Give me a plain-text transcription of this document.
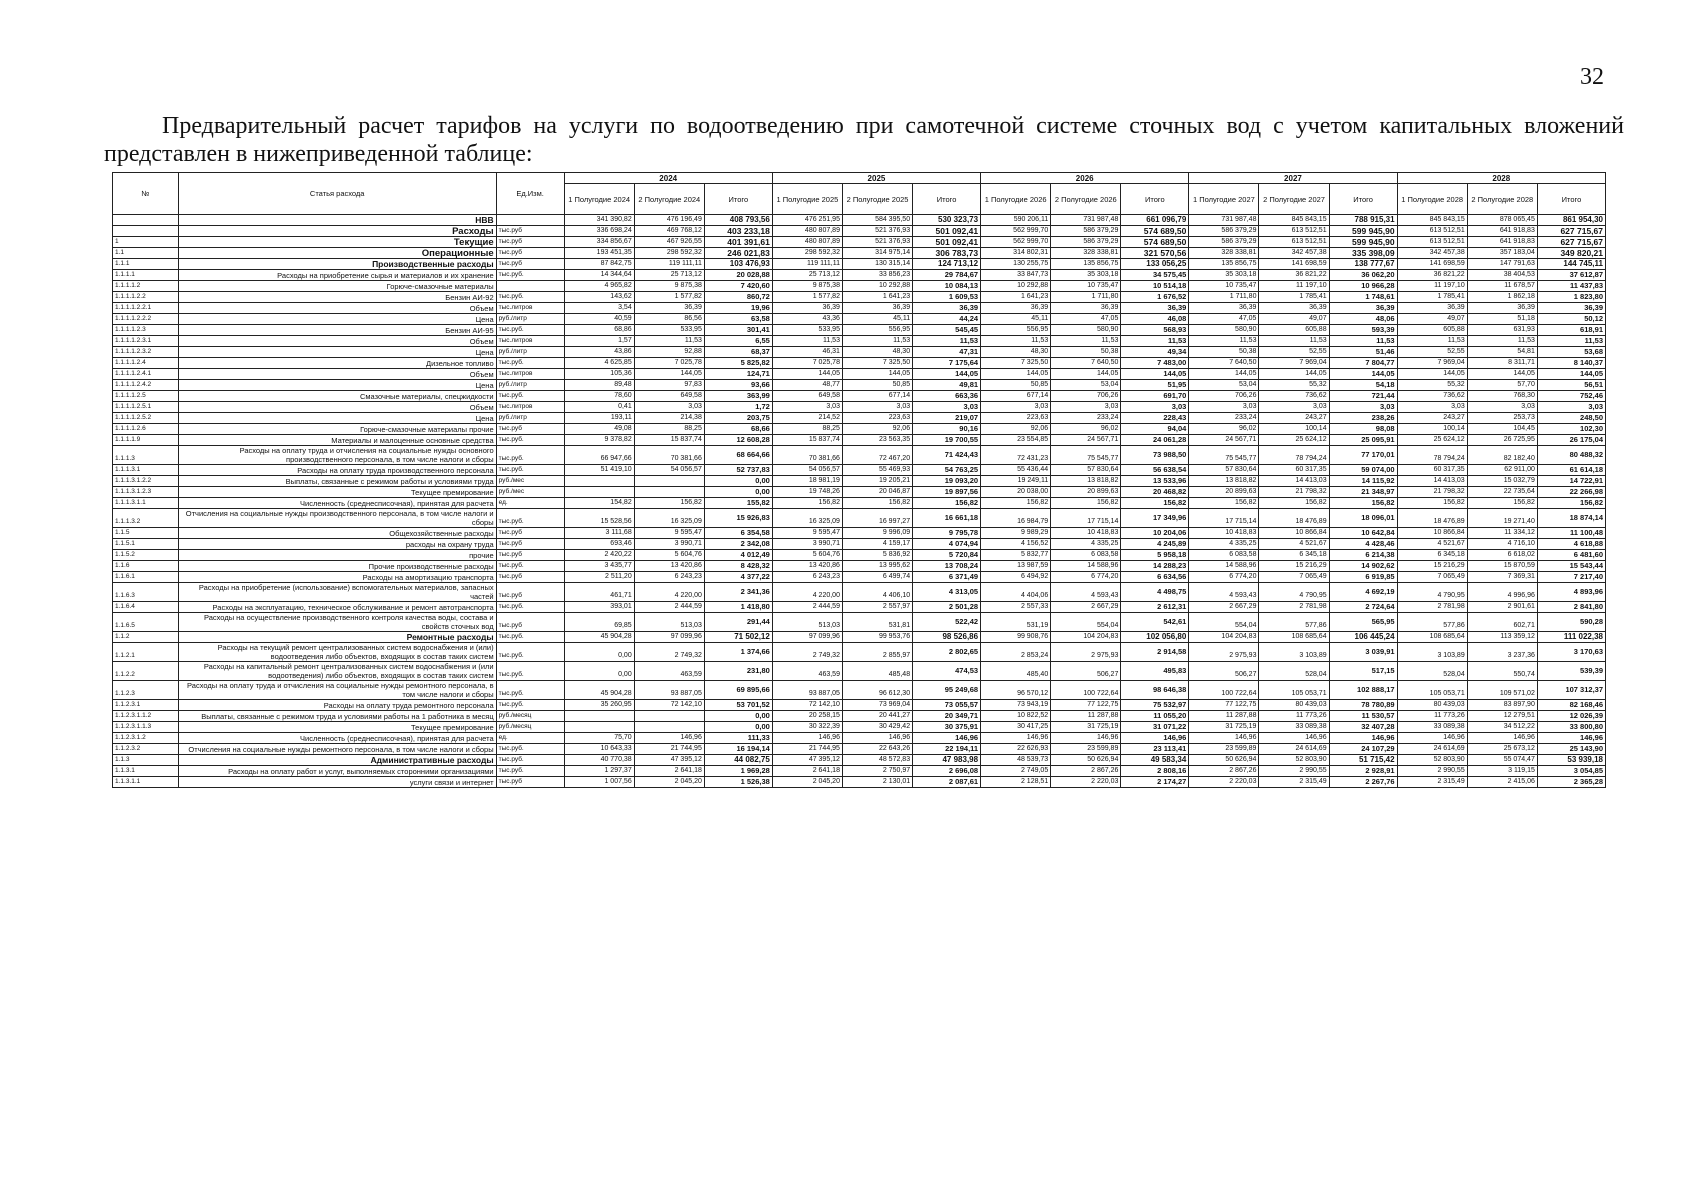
32
Предварительный расчет тарифов на услуги по водоотведению при самотечной системе сточных вод с учетом капитальных вложений представлен в нижеприведенной таблице:
№	Статья расхода	Ед.Изм.	2024			2025			2026			2027			2028		
			1 Полугодие 2024	2 Полугодие 2024	Итого	1 Полугодие 2025	2 Полугодие 2025	Итого	1 Полугодие 2026	2 Полугодие 2026	Итого	1 Полугодие 2027	2 Полугодие 2027	Итого	1 Полугодие 2028	2 Полугодие 2028	Итого
	НВВ		341 390,82	476 196,49	408 793,56	476 251,95	584 395,50	530 323,73	590 206,11	731 987,48	661 096,79	731 987,48	845 843,15	788 915,31	845 843,15	878 065,45	861 954,30
	Расходы	тыс.руб	336 698,24	469 768,12	403 233,18	480 807,89	521 376,93	501 092,41	562 999,70	586 379,29	574 689,50	586 379,29	613 512,51	599 945,90	613 512,51	641 918,83	627 715,67
1	Текущие	тыс.руб	334 856,67	467 926,55	401 391,61	480 807,89	521 376,93	501 092,41	562 999,70	586 379,29	574 689,50	586 379,29	613 512,51	599 945,90	613 512,51	641 918,83	627 715,67
1.1	Операционные	тыс.руб	193 451,35	298 592,32	246 021,83	298 592,32	314 975,14	306 783,73	314 802,31	328 338,81	321 570,56	328 338,81	342 457,38	335 398,09	342 457,38	357 183,04	349 820,21
1.1.1	Производственные расходы	тыс.руб	87 842,75	119 111,11	103 476,93	119 111,11	130 315,14	124 713,12	130 255,75	135 856,75	133 056,25	135 856,75	141 698,59	138 777,67	141 698,59	147 791,63	144 745,11
1.1.1.1	Расходы на приобретение сырья и материалов и их хранение	тыс.руб.	14 344,64	25 713,12	20 028,88	25 713,12	33 856,23	29 784,67	33 847,73	35 303,18	34 575,45	35 303,18	36 821,22	36 062,20	36 821,22	38 404,53	37 612,87
1.1.1.1.2	Горюче-смазочные материалы		4 965,82	9 875,38	7 420,60	9 875,38	10 292,88	10 084,13	10 292,88	10 735,47	10 514,18	10 735,47	11 197,10	10 966,28	11 197,10	11 678,57	11 437,83
1.1.1.1.2.2	Бензин АИ-92	тыс.руб.	143,62	1 577,82	860,72	1 577,82	1 641,23	1 609,53	1 641,23	1 711,80	1 676,52	1 711,80	1 785,41	1 748,61	1 785,41	1 862,18	1 823,80
1.1.1.1.2.2.1	Объем	тыс.литров	3,54	36,39	19,96	36,39	36,39	36,39	36,39	36,39	36,39	36,39	36,39	36,39	36,39	36,39	36,39
1.1.1.1.2.2.2	Цена	руб./литр	40,59	86,56	63,58	43,36	45,11	44,24	45,11	47,05	46,08	47,05	49,07	48,06	49,07	51,18	50,12
1.1.1.1.2.3	Бензин АИ-95	тыс.руб.	68,86	533,95	301,41	533,95	556,95	545,45	556,95	580,90	568,93	580,90	605,88	593,39	605,88	631,93	618,91
1.1.1.1.2.3.1	Объем	тыс.литров	1,57	11,53	6,55	11,53	11,53	11,53	11,53	11,53	11,53	11,53	11,53	11,53	11,53	11,53	11,53
1.1.1.1.2.3.2	Цена	руб./литр	43,86	92,88	68,37	46,31	48,30	47,31	48,30	50,38	49,34	50,38	52,55	51,46	52,55	54,81	53,68
1.1.1.1.2.4	Дизельное топливо	тыс.руб.	4 625,85	7 025,78	5 825,82	7 025,78	7 325,50	7 175,64	7 325,50	7 640,50	7 483,00	7 640,50	7 969,04	7 804,77	7 969,04	8 311,71	8 140,37
1.1.1.1.2.4.1	Объем	тыс.литров	105,36	144,05	124,71	144,05	144,05	144,05	144,05	144,05	144,05	144,05	144,05	144,05	144,05	144,05	144,05
1.1.1.1.2.4.2	Цена	руб./литр	89,48	97,83	93,66	48,77	50,85	49,81	50,85	53,04	51,95	53,04	55,32	54,18	55,32	57,70	56,51
1.1.1.1.2.5	Смазочные материалы, спецжидкости	тыс.руб.	78,60	649,58	363,99	649,58	677,14	663,36	677,14	706,26	691,70	706,26	736,62	721,44	736,62	768,30	752,46
1.1.1.1.2.5.1	Объем	тыс.литров	0,41	3,03	1,72	3,03	3,03	3,03	3,03	3,03	3,03	3,03	3,03	3,03	3,03	3,03	3,03
1.1.1.1.2.5.2	Цена	руб./литр	193,11	214,38	203,75	214,52	223,63	219,07	223,63	233,24	228,43	233,24	243,27	238,26	243,27	253,73	248,50
1.1.1.1.2.6	Горюче-смазочные материалы прочие	тыс.руб	49,08	88,25	68,66	88,25	92,06	90,16	92,06	96,02	94,04	96,02	100,14	98,08	100,14	104,45	102,30
1.1.1.1.9	Материалы и малоценные основные средства	тыс.руб.	9 378,82	15 837,74	12 608,28	15 837,74	23 563,35	19 700,55	23 554,85	24 567,71	24 061,28	24 567,71	25 624,12	25 095,91	25 624,12	26 725,95	26 175,04
1.1.1.3	Расходы на оплату труда и отчисления на социальные нужды основного производственного персонала, в том числе налоги и сборы	тыс.руб.	66 947,66	70 381,66	68 664,66	70 381,66	72 467,20	71 424,43	72 431,23	75 545,77	73 988,50	75 545,77	78 794,24	77 170,01	78 794,24	82 182,40	80 488,32
1.1.1.3.1	Расходы на оплату труда производственного персонала	тыс.руб.	51 419,10	54 056,57	52 737,83	54 056,57	55 469,93	54 763,25	55 436,44	57 830,64	56 638,54	57 830,64	60 317,35	59 074,00	60 317,35	62 911,00	61 614,18
1.1.1.3.1.2.2	Выплаты, связанные с режимом работы и условиями труда	руб./мес			0,00	18 981,19	19 205,21	19 093,20	19 249,11	13 818,82	13 533,96	13 818,82	14 413,03	14 115,92	14 413,03	15 032,79	14 722,91
1.1.1.3.1.2.3	Текущее премирование	руб./мес			0,00	19 748,26	20 046,87	19 897,56	20 038,00	20 899,63	20 468,82	20 899,63	21 798,32	21 348,97	21 798,32	22 735,64	22 266,98
1.1.1.3.1.1	Численность (среднесписочная), принятая для расчета	ед.	154,82	156,82	155,82	156,82	156,82	156,82	156,82	156,82	156,82	156,82	156,82	156,82	156,82	156,82	156,82
1.1.1.3.2	Отчисления на социальные нужды производственного персонала, в том числе налоги и сборы	тыс.руб.	15 528,56	16 325,09	15 926,83	16 325,09	16 997,27	16 661,18	16 984,79	17 715,14	17 349,96	17 715,14	18 476,89	18 096,01	18 476,89	19 271,40	18 874,14
1.1.5	Общехозяйственные расходы	тыс.руб	3 111,68	9 595,47	6 354,58	9 595,47	9 996,09	9 795,78	9 989,29	10 418,83	10 204,06	10 418,83	10 866,84	10 642,84	10 866,84	11 334,12	11 100,48
1.1.5.1	расходы на охрану труда	тыс.руб	693,46	3 990,71	2 342,08	3 990,71	4 159,17	4 074,94	4 156,52	4 335,25	4 245,89	4 335,25	4 521,67	4 428,46	4 521,67	4 716,10	4 618,88
1.1.5.2	прочие	тыс.руб	2 420,22	5 604,76	4 012,49	5 604,76	5 836,92	5 720,84	5 832,77	6 083,58	5 958,18	6 083,58	6 345,18	6 214,38	6 345,18	6 618,02	6 481,60
1.1.6	Прочие производственные расходы	тыс.руб.	3 435,77	13 420,86	8 428,32	13 420,86	13 995,62	13 708,24	13 987,59	14 588,96	14 288,23	14 588,96	15 216,29	14 902,62	15 216,29	15 870,59	15 543,44
1.1.6.1	Расходы на амортизацию транспорта	тыс.руб	2 511,20	6 243,23	4 377,22	6 243,23	6 499,74	6 371,49	6 494,92	6 774,20	6 634,56	6 774,20	7 065,49	6 919,85	7 065,49	7 369,31	7 217,40
1.1.6.3	Расходы на приобретение (использование) вспомогательных материалов, запасных частей	тыс.руб	461,71	4 220,00	2 341,36	4 220,00	4 406,10	4 313,05	4 404,06	4 593,43	4 498,75	4 593,43	4 790,95	4 692,19	4 790,95	4 996,96	4 893,96
1.1.6.4	Расходы на эксплуатацию, техническое обслуживание и ремонт автотранспорта	тыс.руб.	393,01	2 444,59	1 418,80	2 444,59	2 557,97	2 501,28	2 557,33	2 667,29	2 612,31	2 667,29	2 781,98	2 724,64	2 781,98	2 901,61	2 841,80
1.1.6.5	Расходы на осуществление производственного контроля качества воды, состава и свойств сточных вод	тыс.руб	69,85	513,03	291,44	513,03	531,81	522,42	531,19	554,04	542,61	554,04	577,86	565,95	577,86	602,71	590,28
1.1.2	Ремонтные расходы	тыс.руб.	45 904,28	97 099,96	71 502,12	97 099,96	99 953,76	98 526,86	99 908,76	104 204,83	102 056,80	104 204,83	108 685,64	106 445,24	108 685,64	113 359,12	111 022,38
1.1.2.1	Расходы на текущий ремонт централизованных систем водоснабжения и (или) водоотведения либо объектов, входящих в состав таких систем	тыс.руб.	0,00	2 749,32	1 374,66	2 749,32	2 855,97	2 802,65	2 853,24	2 975,93	2 914,58	2 975,93	3 103,89	3 039,91	3 103,89	3 237,36	3 170,63
1.1.2.2	Расходы на капитальный ремонт централизованных систем водоснабжения и (или водоотведения) либо объектов, входящих в состав таких систем	тыс.руб.	0,00	463,59	231,80	463,59	485,48	474,53	485,40	506,27	495,83	506,27	528,04	517,15	528,04	550,74	539,39
1.1.2.3	Расходы на оплату труда и отчисления на социальные нужды ремонтного персонала, в том числе налоги и сборы	тыс.руб.	45 904,28	93 887,05	69 895,66	93 887,05	96 612,30	95 249,68	96 570,12	100 722,64	98 646,38	100 722,64	105 053,71	102 888,17	105 053,71	109 571,02	107 312,37
1.1.2.3.1	Расходы на оплату труда ремонтного персонала	тыс.руб.	35 260,95	72 142,10	53 701,52	72 142,10	73 969,04	73 055,57	73 943,19	77 122,75	75 532,97	77 122,75	80 439,03	78 780,89	80 439,03	83 897,90	82 168,46
1.1.2.3.1.1.2	Выплаты, связанные с режимом труда и условиями работы на 1 работника в месяц	руб./месяц			0,00	20 258,15	20 441,27	20 349,71	10 822,52	11 287,88	11 055,20	11 287,88	11 773,26	11 530,57	11 773,26	12 279,51	12 026,39
1.1.2.3.1.1.3	Текущее премирование	руб./месяц			0,00	30 322,39	30 429,42	30 375,91	30 417,25	31 725,19	31 071,22	31 725,19	33 089,38	32 407,28	33 089,38	34 512,22	33 800,80
1.1.2.3.1.2	Численность (среднесписочная), принятая для расчета	ед.	75,70	146,96	111,33	146,96	146,96	146,96	146,96	146,96	146,96	146,96	146,96	146,96	146,96	146,96	146,96
1.1.2.3.2	Отчисления на социальные нужды ремонтного персонала, в том числе налоги и сборы	тыс.руб.	10 643,33	21 744,95	16 194,14	21 744,95	22 643,26	22 194,11	22 626,93	23 599,89	23 113,41	23 599,89	24 614,69	24 107,29	24 614,69	25 673,12	25 143,90
1.1.3	Административные расходы	тыс.руб.	40 770,38	47 395,12	44 082,75	47 395,12	48 572,83	47 983,98	48 539,73	50 626,94	49 583,34	50 626,94	52 803,90	51 715,42	52 803,90	55 074,47	53 939,18
1.1.3.1	Расходы на оплату работ и услуг, выполняемых сторонними организациями	тыс.руб.	1 297,37	2 641,18	1 969,28	2 641,18	2 750,97	2 696,08	2 749,05	2 867,26	2 808,16	2 867,26	2 990,55	2 928,91	2 990,55	3 119,15	3 054,85
1.1.3.1.1	услуги связи и интернет	тыс.руб	1 007,56	2 045,20	1 526,38	2 045,20	2 130,01	2 087,61	2 128,51	2 220,03	2 174,27	2 220,03	2 315,49	2 267,76	2 315,49	2 415,06	2 365,28
